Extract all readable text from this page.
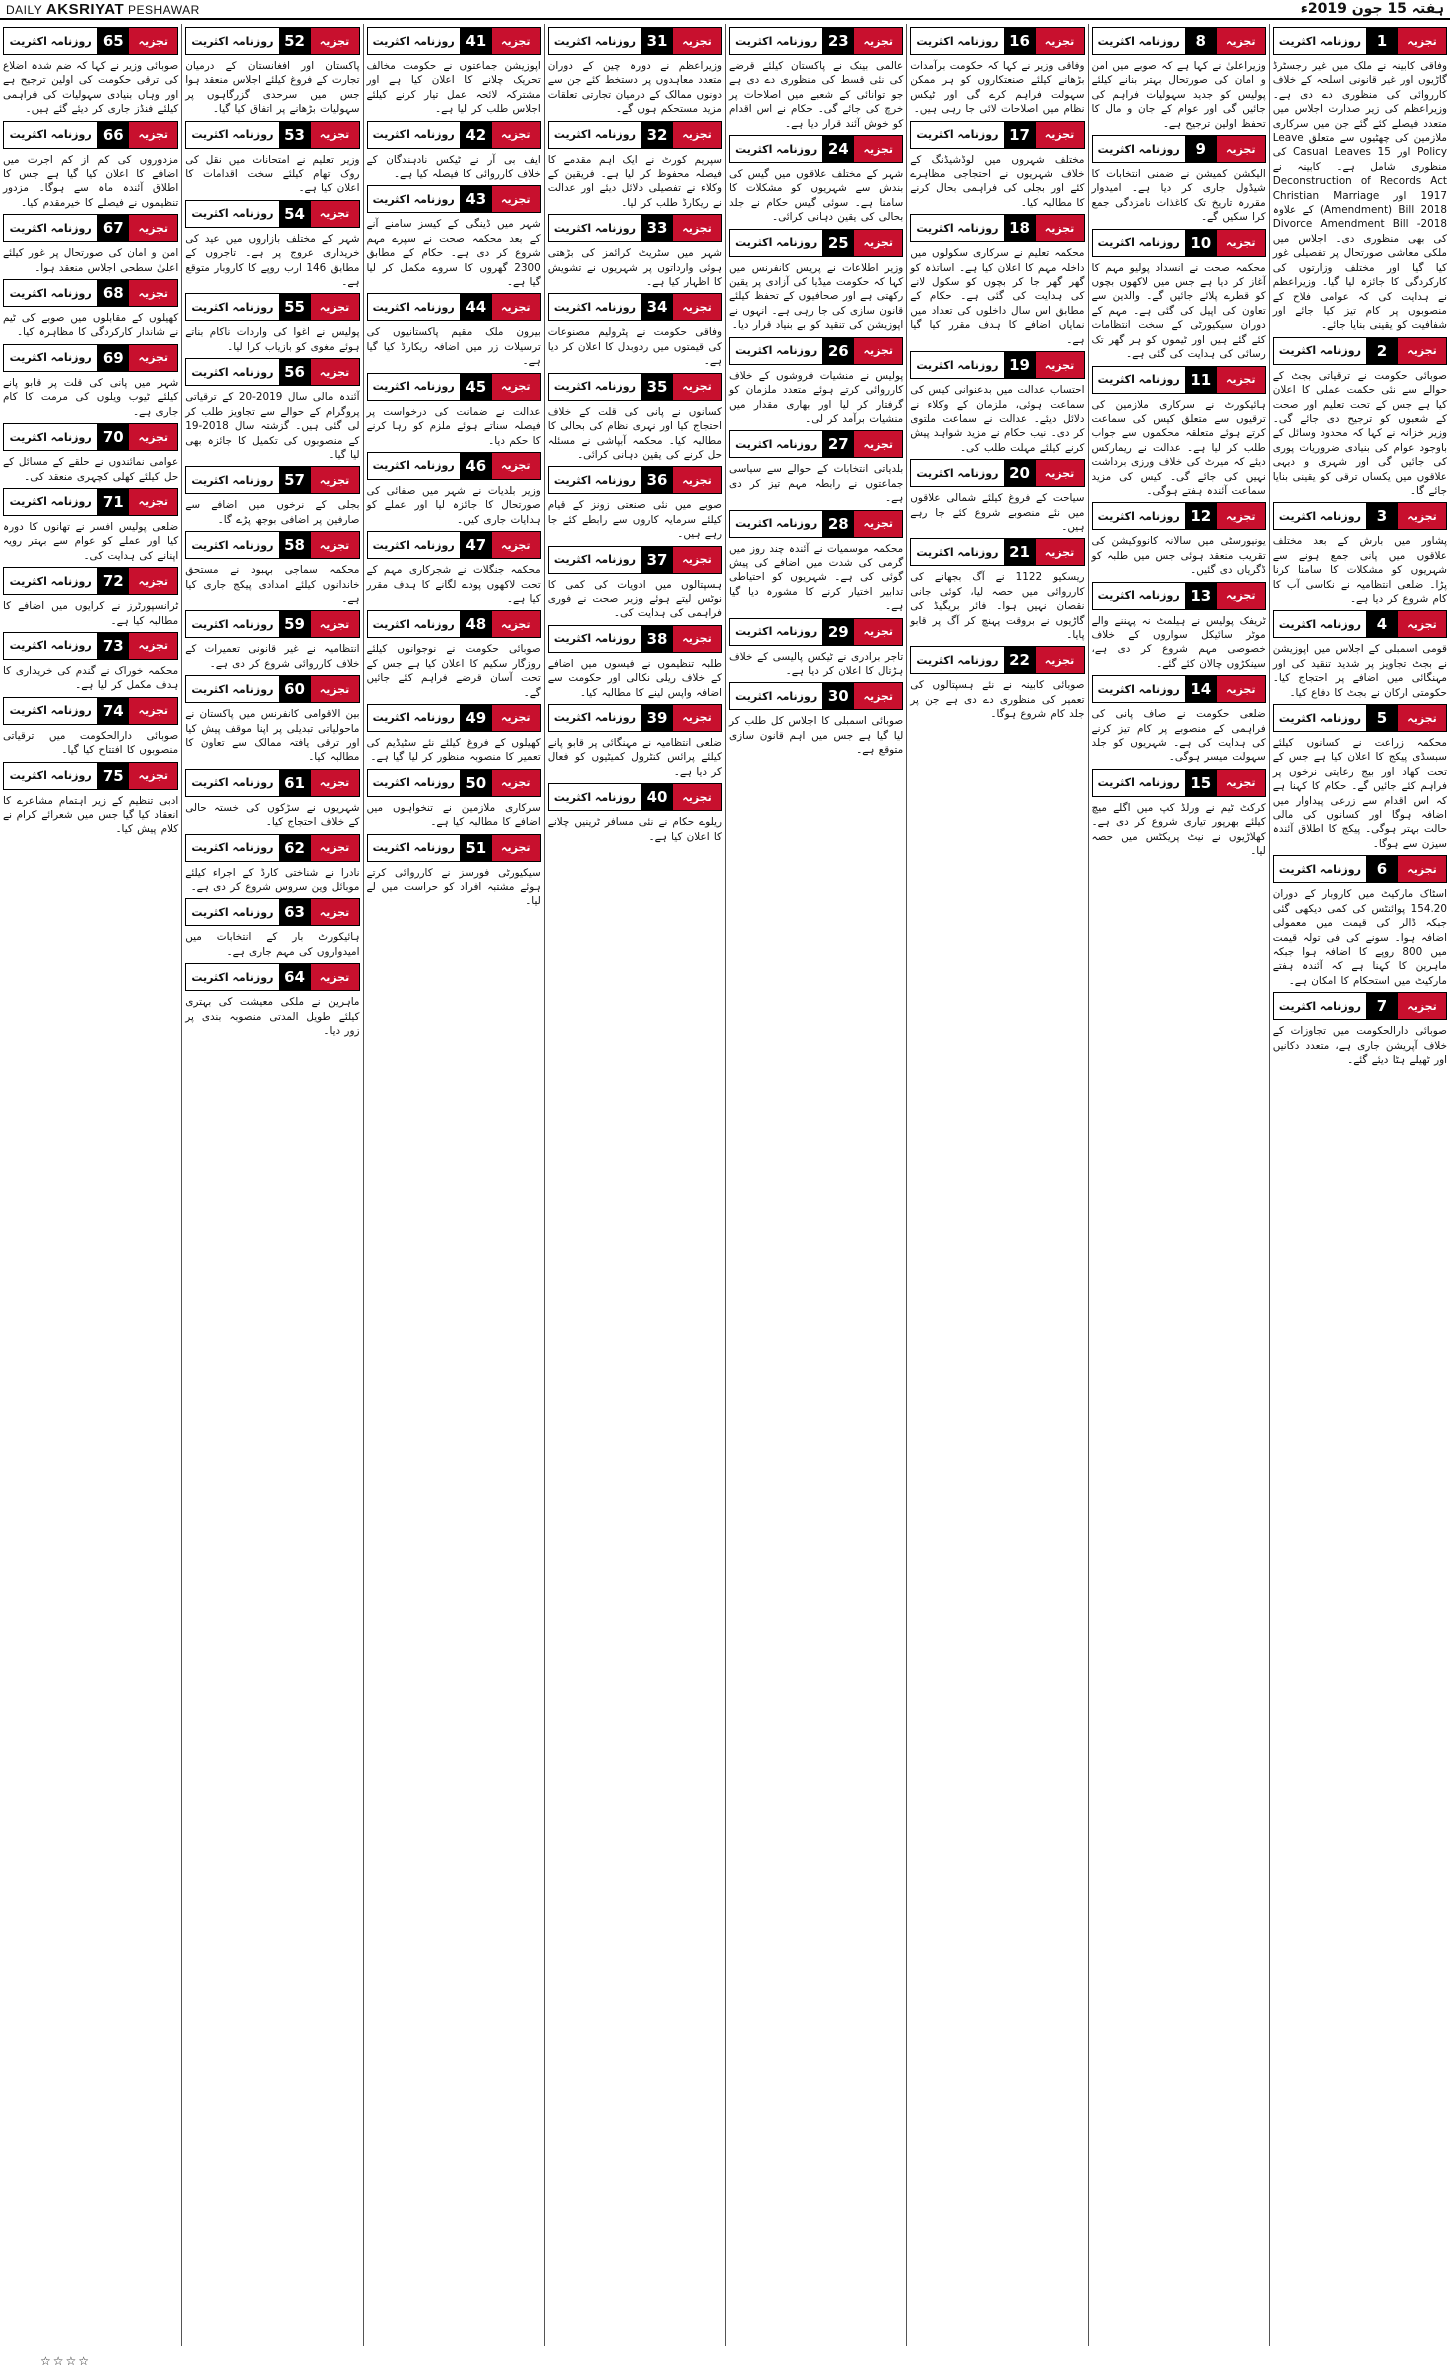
DAILY AKSRIYAT PESHAWAR	ہفتہ 15 جون 2019ء
تجزیہ
1
روزنامہ اکثریت

وفاقی کابینہ نے ملک میں غیر رجسٹرڈ گاڑیوں اور غیر قانونی اسلحہ کے خلاف کارروائی کی منظوری دے دی ہے۔ وزیراعظم کی زیر صدارت اجلاس میں متعدد فیصلے کئے گئے جن میں سرکاری ملازمین کی چھٹیوں سے متعلق Leave Policy اور 15 Casual Leaves کی منظوری شامل ہے۔ کابینہ نے Deconstruction of Records Act 1917 اور Christian Marriage (Amendment) Bill 2018 کے علاوہ Divorce Amendment Bill -2018 کی بھی منظوری دی۔ اجلاس میں ملکی معاشی صورتحال پر تفصیلی غور کیا گیا اور مختلف وزارتوں کی کارکردگی کا جائزہ لیا گیا۔ وزیراعظم نے ہدایت کی کہ عوامی فلاح کے منصوبوں پر کام تیز کیا جائے اور شفافیت کو یقینی بنایا جائے۔

تجزیہ
2
روزنامہ اکثریت

صوبائی حکومت نے ترقیاتی بجٹ کے حوالے سے نئی حکمت عملی کا اعلان کیا ہے جس کے تحت تعلیم اور صحت کے شعبوں کو ترجیح دی جائے گی۔ وزیر خزانہ نے کہا کہ محدود وسائل کے باوجود عوام کی بنیادی ضروریات پوری کی جائیں گی اور شہری و دیہی علاقوں میں یکساں ترقی کو یقینی بنایا جائے گا۔

تجزیہ
3
روزنامہ اکثریت

پشاور میں بارش کے بعد مختلف علاقوں میں پانی جمع ہونے سے شہریوں کو مشکلات کا سامنا کرنا پڑا۔ ضلعی انتظامیہ نے نکاسی آب کا کام شروع کر دیا ہے۔

تجزیہ
4
روزنامہ اکثریت

قومی اسمبلی کے اجلاس میں اپوزیشن نے بجٹ تجاویز پر شدید تنقید کی اور مہنگائی میں اضافے پر احتجاج کیا۔ حکومتی ارکان نے بجٹ کا دفاع کیا۔

تجزیہ
5
روزنامہ اکثریت

محکمہ زراعت نے کسانوں کیلئے سبسڈی پیکج کا اعلان کیا ہے جس کے تحت کھاد اور بیج رعایتی نرخوں پر فراہم کئے جائیں گے۔ حکام کا کہنا ہے کہ اس اقدام سے زرعی پیداوار میں اضافہ ہوگا اور کسانوں کی مالی حالت بہتر ہوگی۔ پیکج کا اطلاق آئندہ سیزن سے ہوگا۔

تجزیہ
6
روزنامہ اکثریت

اسٹاک مارکیٹ میں کاروبار کے دوران 154.20 پوائنٹس کی کمی دیکھی گئی جبکہ ڈالر کی قیمت میں معمولی اضافہ ہوا۔ سونے کی فی تولہ قیمت میں 800 روپے کا اضافہ ہوا جبکہ ماہرین کا کہنا ہے کہ آئندہ ہفتے مارکیٹ میں استحکام کا امکان ہے۔

تجزیہ
7
روزنامہ اکثریت

صوبائی دارالحکومت میں تجاوزات کے خلاف آپریشن جاری ہے، متعدد دکانیں اور ٹھیلے ہٹا دیئے گئے۔

تجزیہ
8
روزنامہ اکثریت

وزیراعلیٰ نے کہا ہے کہ صوبے میں امن و امان کی صورتحال بہتر بنانے کیلئے پولیس کو جدید سہولیات فراہم کی جائیں گی اور عوام کے جان و مال کا تحفظ اولین ترجیح ہے۔

تجزیہ
9
روزنامہ اکثریت

الیکشن کمیشن نے ضمنی انتخابات کا شیڈول جاری کر دیا ہے۔ امیدوار مقررہ تاریخ تک کاغذات نامزدگی جمع کرا سکیں گے۔

تجزیہ
10
روزنامہ اکثریت

محکمہ صحت نے انسداد پولیو مہم کا آغاز کر دیا ہے جس میں لاکھوں بچوں کو قطرے پلائے جائیں گے۔ والدین سے تعاون کی اپیل کی گئی ہے۔ مہم کے دوران سیکیورٹی کے سخت انتظامات کئے گئے ہیں اور ٹیموں کو ہر گھر تک رسائی کی ہدایت کی گئی ہے۔

تجزیہ
11
روزنامہ اکثریت

ہائیکورٹ نے سرکاری ملازمین کی ترقیوں سے متعلق کیس کی سماعت کرتے ہوئے متعلقہ محکموں سے جواب طلب کر لیا ہے۔ عدالت نے ریمارکس دیئے کہ میرٹ کی خلاف ورزی برداشت نہیں کی جائے گی۔ کیس کی مزید سماعت آئندہ ہفتے ہوگی۔

تجزیہ
12
روزنامہ اکثریت

یونیورسٹی میں سالانہ کانووکیشن کی تقریب منعقد ہوئی جس میں طلبہ کو ڈگریاں دی گئیں۔

تجزیہ
13
روزنامہ اکثریت

ٹریفک پولیس نے ہیلمٹ نہ پہننے والے موٹر سائیکل سواروں کے خلاف خصوصی مہم شروع کر دی ہے، سینکڑوں چالان کئے گئے۔

تجزیہ
14
روزنامہ اکثریت

ضلعی حکومت نے صاف پانی کی فراہمی کے منصوبے پر کام تیز کرنے کی ہدایت کی ہے۔ شہریوں کو جلد سہولت میسر ہوگی۔

تجزیہ
15
روزنامہ اکثریت

کرکٹ ٹیم نے ورلڈ کپ میں اگلے میچ کیلئے بھرپور تیاری شروع کر دی ہے۔ کھلاڑیوں نے نیٹ پریکٹس میں حصہ لیا۔

تجزیہ
16
روزنامہ اکثریت

وفاقی وزیر نے کہا کہ حکومت برآمدات بڑھانے کیلئے صنعتکاروں کو ہر ممکن سہولت فراہم کرے گی اور ٹیکس نظام میں اصلاحات لائی جا رہی ہیں۔

تجزیہ
17
روزنامہ اکثریت

مختلف شہروں میں لوڈشیڈنگ کے خلاف شہریوں نے احتجاجی مظاہرے کئے اور بجلی کی فراہمی بحال کرنے کا مطالبہ کیا۔

تجزیہ
18
روزنامہ اکثریت

محکمہ تعلیم نے سرکاری سکولوں میں داخلہ مہم کا اعلان کیا ہے۔ اساتذہ کو گھر گھر جا کر بچوں کو سکول لانے کی ہدایت کی گئی ہے۔ حکام کے مطابق اس سال داخلوں کی تعداد میں نمایاں اضافے کا ہدف مقرر کیا گیا ہے۔

تجزیہ
19
روزنامہ اکثریت

احتساب عدالت میں بدعنوانی کیس کی سماعت ہوئی، ملزمان کے وکلاء نے دلائل دیئے۔ عدالت نے سماعت ملتوی کر دی۔ نیب حکام نے مزید شواہد پیش کرنے کیلئے مہلت طلب کی۔

تجزیہ
20
روزنامہ اکثریت

سیاحت کے فروغ کیلئے شمالی علاقوں میں نئے منصوبے شروع کئے جا رہے ہیں۔

تجزیہ
21
روزنامہ اکثریت

ریسکیو 1122 نے آگ بجھانے کی کارروائی میں حصہ لیا، کوئی جانی نقصان نہیں ہوا۔ فائر بریگیڈ کی گاڑیوں نے بروقت پہنچ کر آگ پر قابو پایا۔

تجزیہ
22
روزنامہ اکثریت

صوبائی کابینہ نے نئے ہسپتالوں کی تعمیر کی منظوری دے دی ہے جن پر جلد کام شروع ہوگا۔

تجزیہ
23
روزنامہ اکثریت

عالمی بینک نے پاکستان کیلئے قرضے کی نئی قسط کی منظوری دے دی ہے جو توانائی کے شعبے میں اصلاحات پر خرچ کی جائے گی۔ حکام نے اس اقدام کو خوش آئند قرار دیا ہے۔

تجزیہ
24
روزنامہ اکثریت

شہر کے مختلف علاقوں میں گیس کی بندش سے شہریوں کو مشکلات کا سامنا ہے۔ سوئی گیس حکام نے جلد بحالی کی یقین دہانی کرائی۔

تجزیہ
25
روزنامہ اکثریت

وزیر اطلاعات نے پریس کانفرنس میں کہا کہ حکومت میڈیا کی آزادی پر یقین رکھتی ہے اور صحافیوں کے تحفظ کیلئے قانون سازی کی جا رہی ہے۔ انہوں نے اپوزیشن کی تنقید کو بے بنیاد قرار دیا۔

تجزیہ
26
روزنامہ اکثریت

پولیس نے منشیات فروشوں کے خلاف کارروائی کرتے ہوئے متعدد ملزمان کو گرفتار کر لیا اور بھاری مقدار میں منشیات برآمد کر لی۔

تجزیہ
27
روزنامہ اکثریت

بلدیاتی انتخابات کے حوالے سے سیاسی جماعتوں نے رابطہ مہم تیز کر دی ہے۔

تجزیہ
28
روزنامہ اکثریت

محکمہ موسمیات نے آئندہ چند روز میں گرمی کی شدت میں اضافے کی پیش گوئی کی ہے۔ شہریوں کو احتیاطی تدابیر اختیار کرنے کا مشورہ دیا گیا ہے۔

تجزیہ
29
روزنامہ اکثریت

تاجر برادری نے ٹیکس پالیسی کے خلاف ہڑتال کا اعلان کر دیا ہے۔

تجزیہ
30
روزنامہ اکثریت

صوبائی اسمبلی کا اجلاس کل طلب کر لیا گیا ہے جس میں اہم قانون سازی متوقع ہے۔

تجزیہ
31
روزنامہ اکثریت

وزیراعظم نے دورہ چین کے دوران متعدد معاہدوں پر دستخط کئے جن سے دونوں ممالک کے درمیان تجارتی تعلقات مزید مستحکم ہوں گے۔

تجزیہ
32
روزنامہ اکثریت

سپریم کورٹ نے ایک اہم مقدمے کا فیصلہ محفوظ کر لیا ہے۔ فریقین کے وکلاء نے تفصیلی دلائل دیئے اور عدالت نے ریکارڈ طلب کر لیا۔

تجزیہ
33
روزنامہ اکثریت

شہر میں سٹریٹ کرائمز کی بڑھتی ہوئی وارداتوں پر شہریوں نے تشویش کا اظہار کیا ہے۔

تجزیہ
34
روزنامہ اکثریت

وفاقی حکومت نے پٹرولیم مصنوعات کی قیمتوں میں ردوبدل کا اعلان کر دیا ہے۔

تجزیہ
35
روزنامہ اکثریت

کسانوں نے پانی کی قلت کے خلاف احتجاج کیا اور نہری نظام کی بحالی کا مطالبہ کیا۔ محکمہ آبپاشی نے مسئلہ حل کرنے کی یقین دہانی کرائی۔

تجزیہ
36
روزنامہ اکثریت

صوبے میں نئی صنعتی زونز کے قیام کیلئے سرمایہ کاروں سے رابطے کئے جا رہے ہیں۔

تجزیہ
37
روزنامہ اکثریت

ہسپتالوں میں ادویات کی کمی کا نوٹس لیتے ہوئے وزیر صحت نے فوری فراہمی کی ہدایت کی۔

تجزیہ
38
روزنامہ اکثریت

طلبہ تنظیموں نے فیسوں میں اضافے کے خلاف ریلی نکالی اور حکومت سے اضافہ واپس لینے کا مطالبہ کیا۔

تجزیہ
39
روزنامہ اکثریت

ضلعی انتظامیہ نے مہنگائی پر قابو پانے کیلئے پرائس کنٹرول کمیٹیوں کو فعال کر دیا ہے۔

تجزیہ
40
روزنامہ اکثریت

ریلوے حکام نے نئی مسافر ٹرینیں چلانے کا اعلان کیا ہے۔

تجزیہ
41
روزنامہ اکثریت

اپوزیشن جماعتوں نے حکومت مخالف تحریک چلانے کا اعلان کیا ہے اور مشترکہ لائحہ عمل تیار کرنے کیلئے اجلاس طلب کر لیا ہے۔

تجزیہ
42
روزنامہ اکثریت

ایف بی آر نے ٹیکس نادہندگان کے خلاف کارروائی کا فیصلہ کیا ہے۔

تجزیہ
43
روزنامہ اکثریت

شہر میں ڈینگی کے کیسز سامنے آنے کے بعد محکمہ صحت نے سپرے مہم شروع کر دی ہے۔ حکام کے مطابق 2300 گھروں کا سروے مکمل کر لیا گیا ہے۔

تجزیہ
44
روزنامہ اکثریت

بیرون ملک مقیم پاکستانیوں کی ترسیلات زر میں اضافہ ریکارڈ کیا گیا ہے۔

تجزیہ
45
روزنامہ اکثریت

عدالت نے ضمانت کی درخواست پر فیصلہ سناتے ہوئے ملزم کو رہا کرنے کا حکم دیا۔

تجزیہ
46
روزنامہ اکثریت

وزیر بلدیات نے شہر میں صفائی کی صورتحال کا جائزہ لیا اور عملے کو ہدایات جاری کیں۔

تجزیہ
47
روزنامہ اکثریت

محکمہ جنگلات نے شجرکاری مہم کے تحت لاکھوں پودے لگانے کا ہدف مقرر کیا ہے۔

تجزیہ
48
روزنامہ اکثریت

صوبائی حکومت نے نوجوانوں کیلئے روزگار سکیم کا اعلان کیا ہے جس کے تحت آسان قرضے فراہم کئے جائیں گے۔

تجزیہ
49
روزنامہ اکثریت

کھیلوں کے فروغ کیلئے نئے سٹیڈیم کی تعمیر کا منصوبہ منظور کر لیا گیا ہے۔

تجزیہ
50
روزنامہ اکثریت

سرکاری ملازمین نے تنخواہوں میں اضافے کا مطالبہ کیا ہے۔

تجزیہ
51
روزنامہ اکثریت

سیکیورٹی فورسز نے کارروائی کرتے ہوئے مشتبہ افراد کو حراست میں لے لیا۔

تجزیہ
52
روزنامہ اکثریت

پاکستان اور افغانستان کے درمیان تجارت کے فروغ کیلئے اجلاس منعقد ہوا جس میں سرحدی گزرگاہوں پر سہولیات بڑھانے پر اتفاق کیا گیا۔

تجزیہ
53
روزنامہ اکثریت

وزیر تعلیم نے امتحانات میں نقل کی روک تھام کیلئے سخت اقدامات کا اعلان کیا ہے۔

تجزیہ
54
روزنامہ اکثریت

شہر کے مختلف بازاروں میں عید کی خریداری عروج پر ہے۔ تاجروں کے مطابق 146 ارب روپے کا کاروبار متوقع ہے۔

تجزیہ
55
روزنامہ اکثریت

پولیس نے اغوا کی واردات ناکام بناتے ہوئے مغوی کو بازیاب کرا لیا۔

تجزیہ
56
روزنامہ اکثریت

آئندہ مالی سال 2019-20 کے ترقیاتی پروگرام کے حوالے سے تجاویز طلب کر لی گئی ہیں۔ گزشتہ سال 2018-19 کے منصوبوں کی تکمیل کا جائزہ بھی لیا گیا۔

تجزیہ
57
روزنامہ اکثریت

بجلی کے نرخوں میں اضافے سے صارفین پر اضافی بوجھ پڑے گا۔

تجزیہ
58
روزنامہ اکثریت

محکمہ سماجی بہبود نے مستحق خاندانوں کیلئے امدادی پیکج جاری کیا ہے۔

تجزیہ
59
روزنامہ اکثریت

انتظامیہ نے غیر قانونی تعمیرات کے خلاف کارروائی شروع کر دی ہے۔

تجزیہ
60
روزنامہ اکثریت

بین الاقوامی کانفرنس میں پاکستان نے ماحولیاتی تبدیلی پر اپنا موقف پیش کیا اور ترقی یافتہ ممالک سے تعاون کا مطالبہ کیا۔

تجزیہ
61
روزنامہ اکثریت

شہریوں نے سڑکوں کی خستہ حالی کے خلاف احتجاج کیا۔

تجزیہ
62
روزنامہ اکثریت

نادرا نے شناختی کارڈ کے اجراء کیلئے موبائل وین سروس شروع کر دی ہے۔

تجزیہ
63
روزنامہ اکثریت

ہائیکورٹ بار کے انتخابات میں امیدواروں کی مہم جاری ہے۔

تجزیہ
64
روزنامہ اکثریت

ماہرین نے ملکی معیشت کی بہتری کیلئے طویل المدتی منصوبہ بندی پر زور دیا۔

تجزیہ
65
روزنامہ اکثریت

صوبائی وزیر نے کہا کہ ضم شدہ اضلاع کی ترقی حکومت کی اولین ترجیح ہے اور وہاں بنیادی سہولیات کی فراہمی کیلئے فنڈز جاری کر دیئے گئے ہیں۔

تجزیہ
66
روزنامہ اکثریت

مزدوروں کی کم از کم اجرت میں اضافے کا اعلان کیا گیا ہے جس کا اطلاق آئندہ ماہ سے ہوگا۔ مزدور تنظیموں نے فیصلے کا خیرمقدم کیا۔

تجزیہ
67
روزنامہ اکثریت

امن و امان کی صورتحال پر غور کیلئے اعلیٰ سطحی اجلاس منعقد ہوا۔

تجزیہ
68
روزنامہ اکثریت

کھیلوں کے مقابلوں میں صوبے کی ٹیم نے شاندار کارکردگی کا مظاہرہ کیا۔

تجزیہ
69
روزنامہ اکثریت

شہر میں پانی کی قلت پر قابو پانے کیلئے ٹیوب ویلوں کی مرمت کا کام جاری ہے۔

تجزیہ
70
روزنامہ اکثریت

عوامی نمائندوں نے حلقے کے مسائل کے حل کیلئے کھلی کچہری منعقد کی۔

تجزیہ
71
روزنامہ اکثریت

ضلعی پولیس افسر نے تھانوں کا دورہ کیا اور عملے کو عوام سے بہتر رویہ اپنانے کی ہدایت کی۔

تجزیہ
72
روزنامہ اکثریت

ٹرانسپورٹرز نے کرایوں میں اضافے کا مطالبہ کیا ہے۔

تجزیہ
73
روزنامہ اکثریت

محکمہ خوراک نے گندم کی خریداری کا ہدف مکمل کر لیا ہے۔

تجزیہ
74
روزنامہ اکثریت

صوبائی دارالحکومت میں ترقیاتی منصوبوں کا افتتاح کیا گیا۔

تجزیہ
75
روزنامہ اکثریت

ادبی تنظیم کے زیر اہتمام مشاعرے کا انعقاد کیا گیا جس میں شعرائے کرام نے کلام پیش کیا۔

☆☆☆☆
